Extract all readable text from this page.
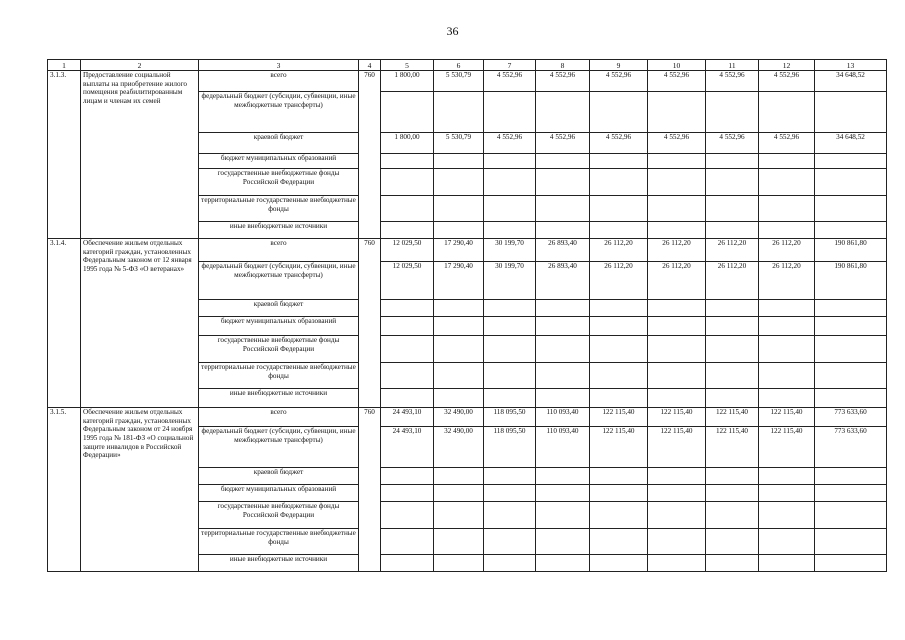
36
1	2	3	4	5	6	7	8	9	10	11	12	13
3.1.3.	Предоставление социальной выплаты на приобретение жилого помещения реабилитированным лицам и членам их семей	всего	760	1 800,00	5 530,79	4 552,96	4 552,96	4 552,96	4 552,96	4 552,96	4 552,96	34 648,52
		федеральный бюджет (субсидии, субвенции, иные межбюджетные трансферты)										
		краевой бюджет		1 800,00	5 530,79	4 552,96	4 552,96	4 552,96	4 552,96	4 552,96	4 552,96	34 648,52
		бюджет муниципальных образований										
		государственные внебюджетные фонды Российской Федерации										
		территориальные государственные внебюджетные фонды										
		иные внебюджетные источники										
3.1.4.	Обеспечение жильем отдельных категорий граждан, установленных Федеральным законом от 12 января 1995 года № 5-ФЗ «О ветеранах»	всего	760	12 029,50	17 290,40	30 199,70	26 893,40	26 112,20	26 112,20	26 112,20	26 112,20	190 861,80
		федеральный бюджет (субсидии, субвенции, иные межбюджетные трансферты)		12 029,50	17 290,40	30 199,70	26 893,40	26 112,20	26 112,20	26 112,20	26 112,20	190 861,80
		краевой бюджет										
		бюджет муниципальных образований										
		государственные внебюджетные фонды Российской Федерации										
		территориальные государственные внебюджетные фонды										
		иные внебюджетные источники										
3.1.5.	Обеспечение жильем отдельных категорий граждан, установленных Федеральным законом от 24 ноября 1995 года № 181-ФЗ «О социальной защите инвалидов в Российской Федерации»	всего	760	24 493,10	32 490,00	118 095,50	110 093,40	122 115,40	122 115,40	122 115,40	122 115,40	773 633,60
		федеральный бюджет (субсидии, субвенции, иные межбюджетные трансферты)		24 493,10	32 490,00	118 095,50	110 093,40	122 115,40	122 115,40	122 115,40	122 115,40	773 633,60
		краевой бюджет										
		бюджет муниципальных образований										
		государственные внебюджетные фонды Российской Федерации										
		территориальные государственные внебюджетные фонды										
		иные внебюджетные источники										
